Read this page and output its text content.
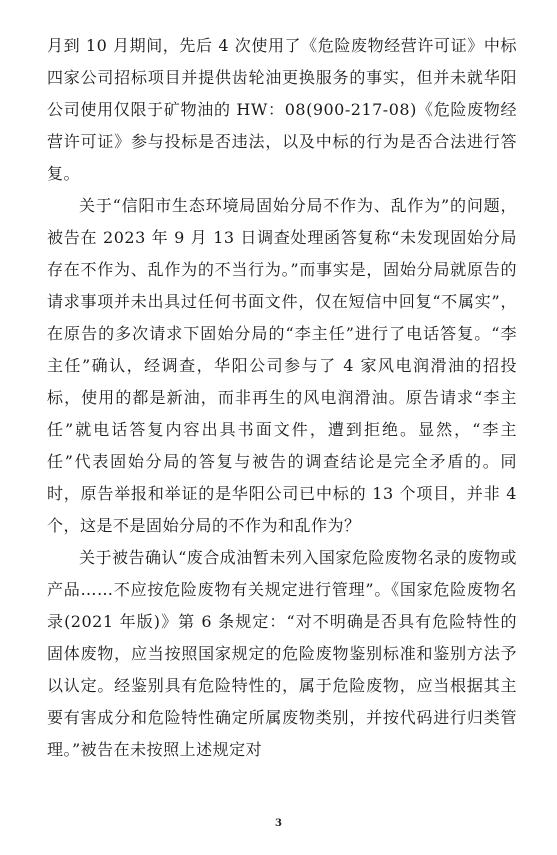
月到 10 月期间，先后 4 次使用了《危险废物经营许可证》中标四家公司招标项目并提供齿轮油更换服务的事实，但并未就华阳公司使用仅限于矿物油的 HW：08(900-217-08)《危险废物经营许可证》参与投标是否违法，以及中标的行为是否合法进行答复。

关于“信阳市生态环境局固始分局不作为、乱作为”的问题，被告在 2023 年 9 月 13 日调查处理函答复称“未发现固始分局存在不作为、乱作为的不当行为。”而事实是，固始分局就原告的请求事项并未出具过任何书面文件，仅在短信中回复“不属实”，在原告的多次请求下固始分局的“李主任”进行了电话答复。“李主任”确认，经调查，华阳公司参与了 4 家风电润滑油的招投标，使用的都是新油，而非再生的风电润滑油。原告请求“李主任”就电话答复内容出具书面文件，遭到拒绝。显然，“李主任”代表固始分局的答复与被告的调查结论是完全矛盾的。同时，原告举报和举证的是华阳公司已中标的 13 个项目，并非 4 个，这是不是固始分局的不作为和乱作为？

关于被告确认“废合成油暂未列入国家危险废物名录的废物或产品……不应按危险废物有关规定进行管理”。《国家危险废物名录(2021 年版)》第 6 条规定：“对不明确是否具有危险特性的固体废物，应当按照国家规定的危险废物鉴别标准和鉴别方法予以认定。经鉴别具有危险特性的，属于危险废物，应当根据其主要有害成分和危险特性确定所属废物类别，并按代码进行归类管理。”被告在未按照上述规定对

3
